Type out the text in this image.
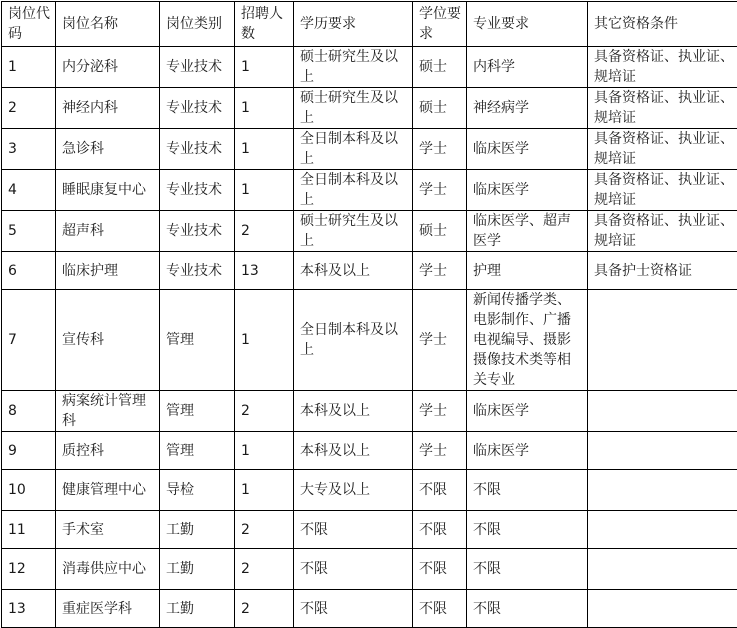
岗位代码	岗位名称	岗位类别	招聘人数	学历要求	学位要求	专业要求	其它资格条件
1	内分泌科	专业技术	1	硕士研究生及以上	硕士	内科学	具备资格证、执业证、规培证
2	神经内科	专业技术	1	硕士研究生及以上	硕士	神经病学	具备资格证、执业证、规培证
3	急诊科	专业技术	1	全日制本科及以上	学士	临床医学	具备资格证、执业证、规培证
4	睡眠康复中心	专业技术	1	全日制本科及以上	学士	临床医学	具备资格证、执业证、规培证
5	超声科	专业技术	2	硕士研究生及以上	硕士	临床医学、超声医学	具备资格证、执业证、规培证
6	临床护理	专业技术	13	本科及以上	学士	护理	具备护士资格证
7	宣传科	管理	1	全日制本科及以上	学士	新闻传播学类、电影制作、广播电视编导、摄影摄像技术类等相关专业	
8	病案统计管理科	管理	2	本科及以上	学士	临床医学	
9	质控科	管理	1	本科及以上	学士	临床医学	
10	健康管理中心	导检	1	大专及以上	不限	不限	
11	手术室	工勤	2	不限	不限	不限	
12	消毒供应中心	工勤	2	不限	不限	不限	
13	重症医学科	工勤	2	不限	不限	不限	
